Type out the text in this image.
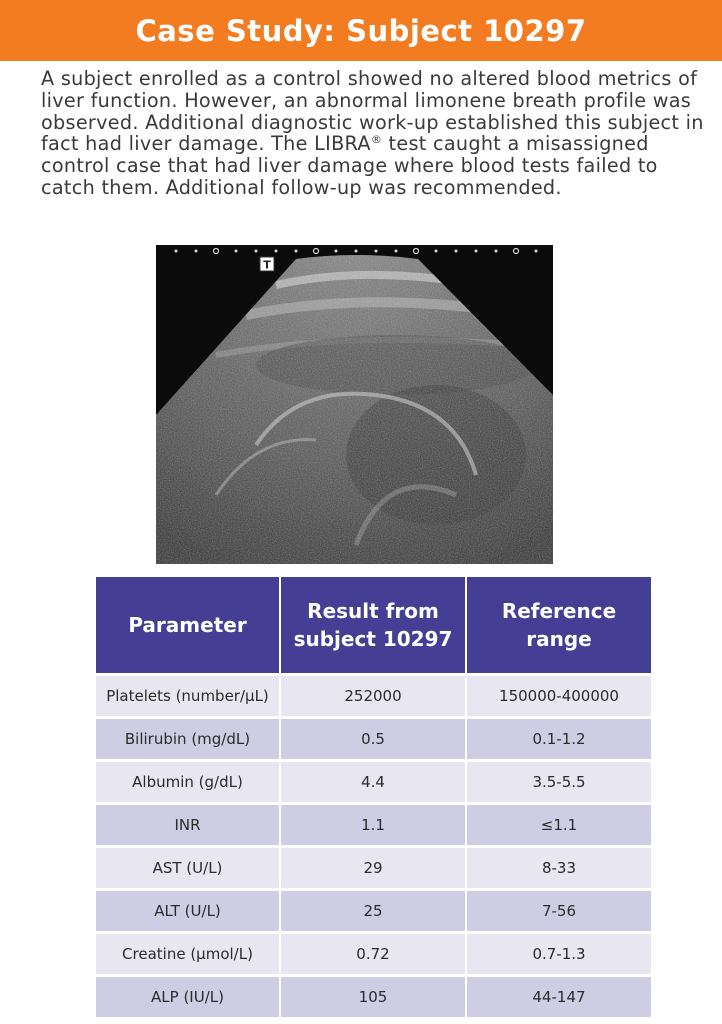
Case Study: Subject 10297

A subject enrolled as a control showed no altered blood metrics of liver function. However, an abnormal limonene breath profile was observed. Additional diagnostic work-up established this subject in fact had liver damage. The LIBRA® test caught a misassigned control case that had liver damage where blood tests failed to catch them. Additional follow-up was recommended.

T
Parameter	Result from subject 10297	Reference range
Platelets (number/µL)	252000	150000-400000
Bilirubin (mg/dL)	0.5	0.1-1.2
Albumin (g/dL)	4.4	3.5-5.5
INR	1.1	≤1.1
AST (U/L)	29	8-33
ALT (U/L)	25	7-56
Creatine (µmol/L)	0.72	0.7-1.3
ALP (IU/L)	105	44-147
